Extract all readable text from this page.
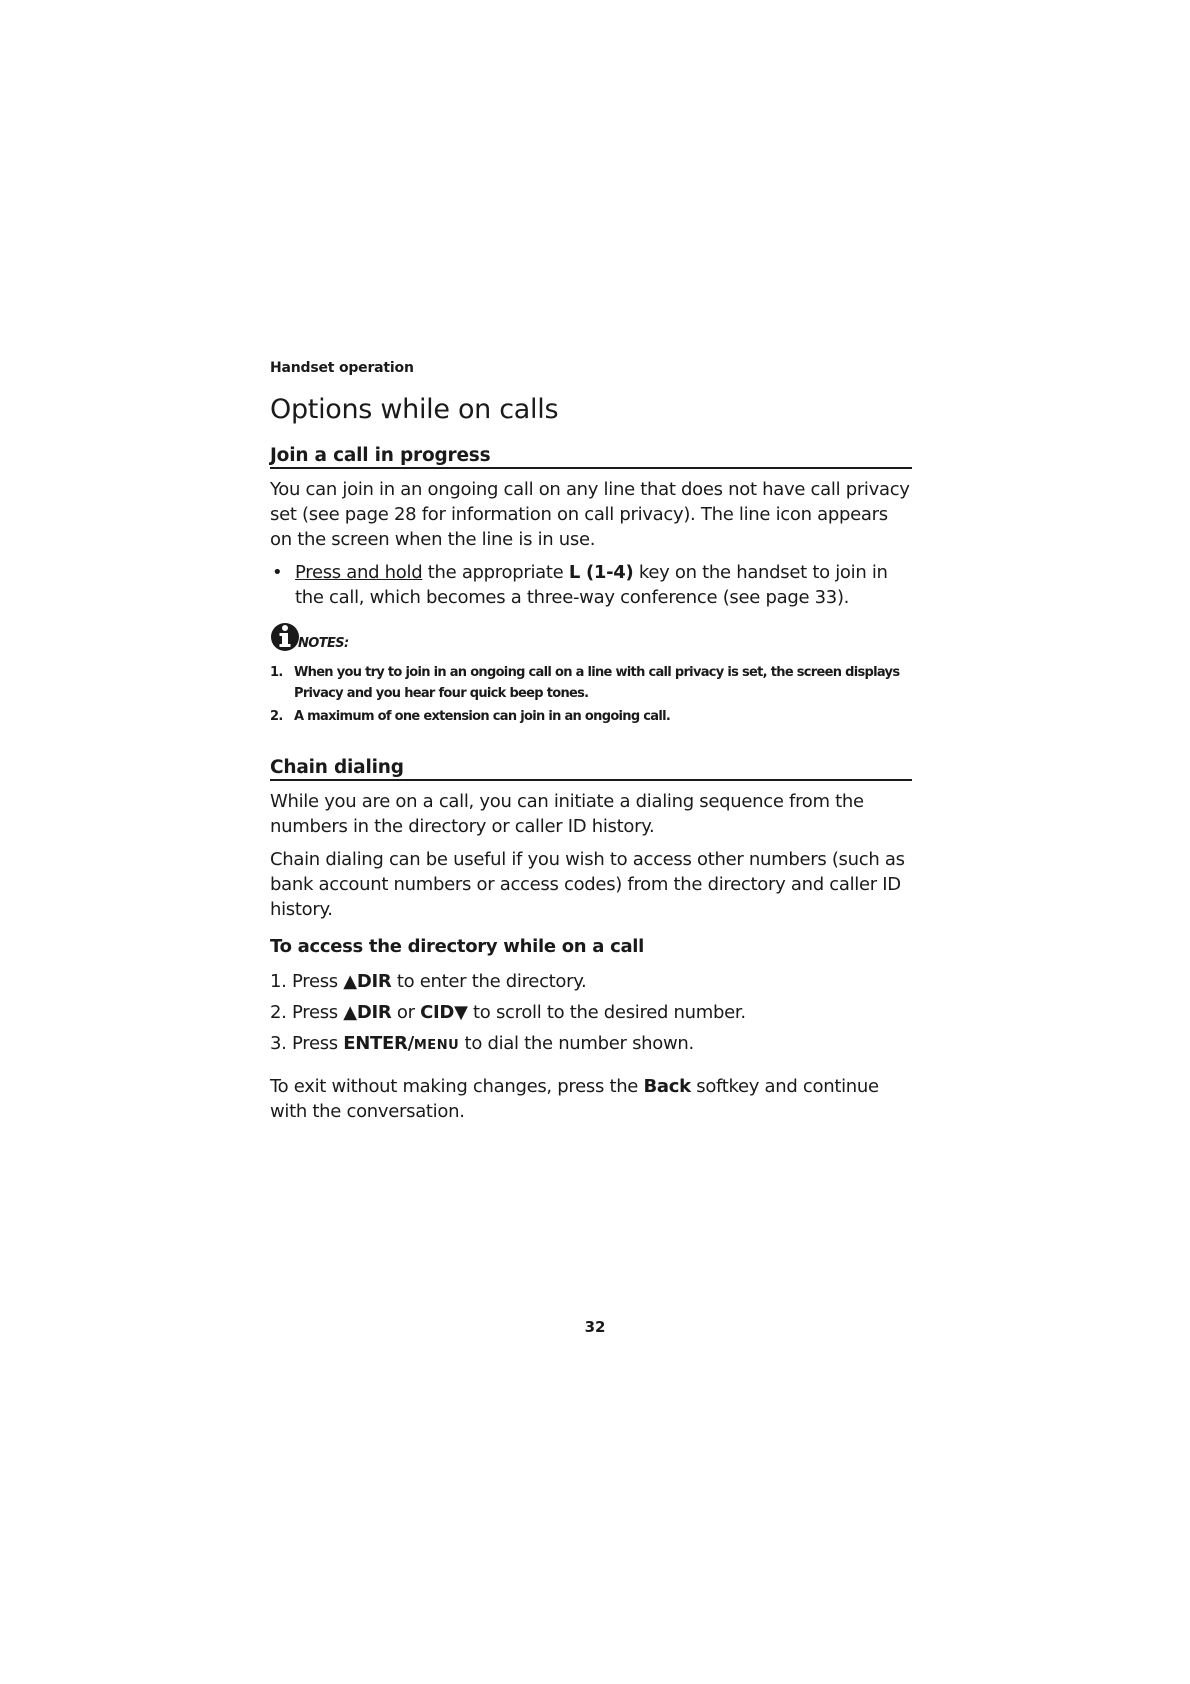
Handset operation
Options while on calls
Join a call in progress

You can join in an ongoing call on any line that does not have call privacy set (see page 28 for information on call privacy). The line icon appears on the screen when the line is in use.

• Press and hold the appropriate L (1-4) key on the handset to join in the call, which becomes a three-way conference (see page 33).
NOTES:
1. When you try to join in an ongoing call on a line with call privacy is set, the screen displays Privacy and you hear four quick beep tones.
2. A maximum of one extension can join in an ongoing call.
Chain dialing

While you are on a call, you can initiate a dialing sequence from the numbers in the directory or caller ID history.

Chain dialing can be useful if you wish to access other numbers (such as bank account numbers or access codes) from the directory and caller ID history.

To access the directory while on a call
1. Press ▲DIR to enter the directory.
2. Press ▲DIR or CID▼ to scroll to the desired number.
3. Press ENTER/MENU to dial the number shown.

To exit without making changes, press the Back softkey and continue with the conversation.

32
